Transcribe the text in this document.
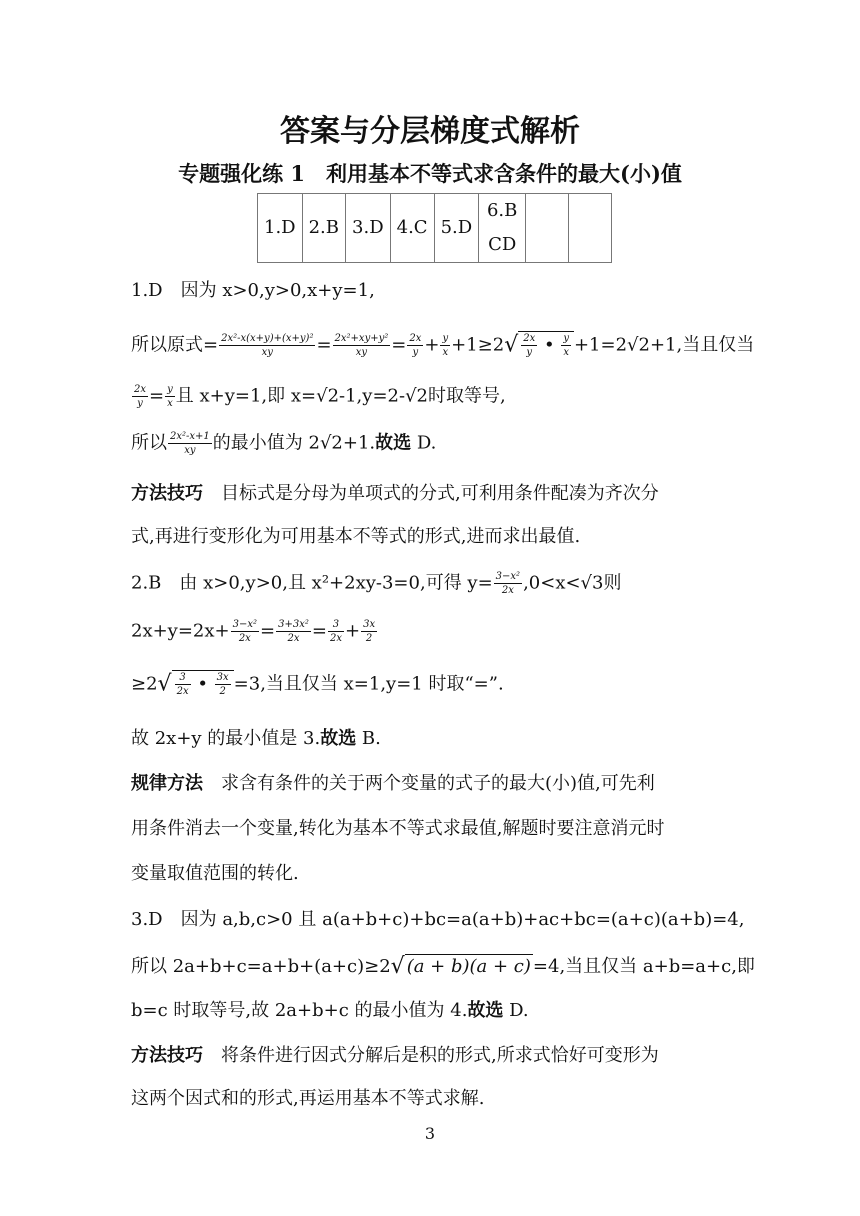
答案与分层梯度式解析
专题强化练 1　利用基本不等式求含条件的最大(小)值
1.D	2.B	3.D	4.C	5.D	6.B CD		
1.D　因为 x>0,y>0,x+y=1,
所以原式= $\frac{\text{2x²-x(x+y)+(x+y)²}}{xy} = \frac{\text{2x²+xy+y²}}{xy} = \frac{2x}{y} + \frac{y}{x} +1\ge 2√ \frac{2x}{y}$ • $\frac{y}{x} +1=2√2+1$,当且仅当
$\frac{2x}{y} = \frac{y}{x}$ 且 x+y=1,即 x=√2-1,y=2-√2时取等号,
所以 $\frac{\text{2x²-x+1}}{xy}$ 的最小值为 2√2+1.故选 D.
方法技巧　目标式是分母为单项式的分式,可利用条件配凑为齐次分
式,再进行变形化为可用基本不等式的形式,进而求出最值.
2.B　由 x>0,y>0,且 x²+2xy-3=0,可得 $y= \frac{\text{3−x²}}{2x} ,0<x<√3$则
$2x+y=2x+ \frac{\text{3−x²}}{2x} = \frac{\text{3+3x²}}{2x} = \frac{3}{2x} + \frac{3x}{2}$
$\ge 2√ \frac{3}{2x}$ • $\frac{3x}{2} =3$,当且仅当 x=1,y=1 时取“=”.
故 2x+y 的最小值是 3.故选 B.
规律方法　求含有条件的关于两个变量的式子的最大(小)值,可先利
用条件消去一个变量,转化为基本不等式求最值,解题时要注意消元时
变量取值范围的转化.
3.D　因为 a,b,c>0 且 a(a+b+c)+bc=a(a+b)+ac+bc=(a+c)(a+b)=4,
所以 2a+b+c=a+b+(a+c)≥2√ (a + b)(a + c) =4,当且仅当 a+b=a+c,即
b=c 时取等号,故 2a+b+c 的最小值为 4.故选 D.
方法技巧　将条件进行因式分解后是积的形式,所求式恰好可变形为
这两个因式和的形式,再运用基本不等式求解.
3
